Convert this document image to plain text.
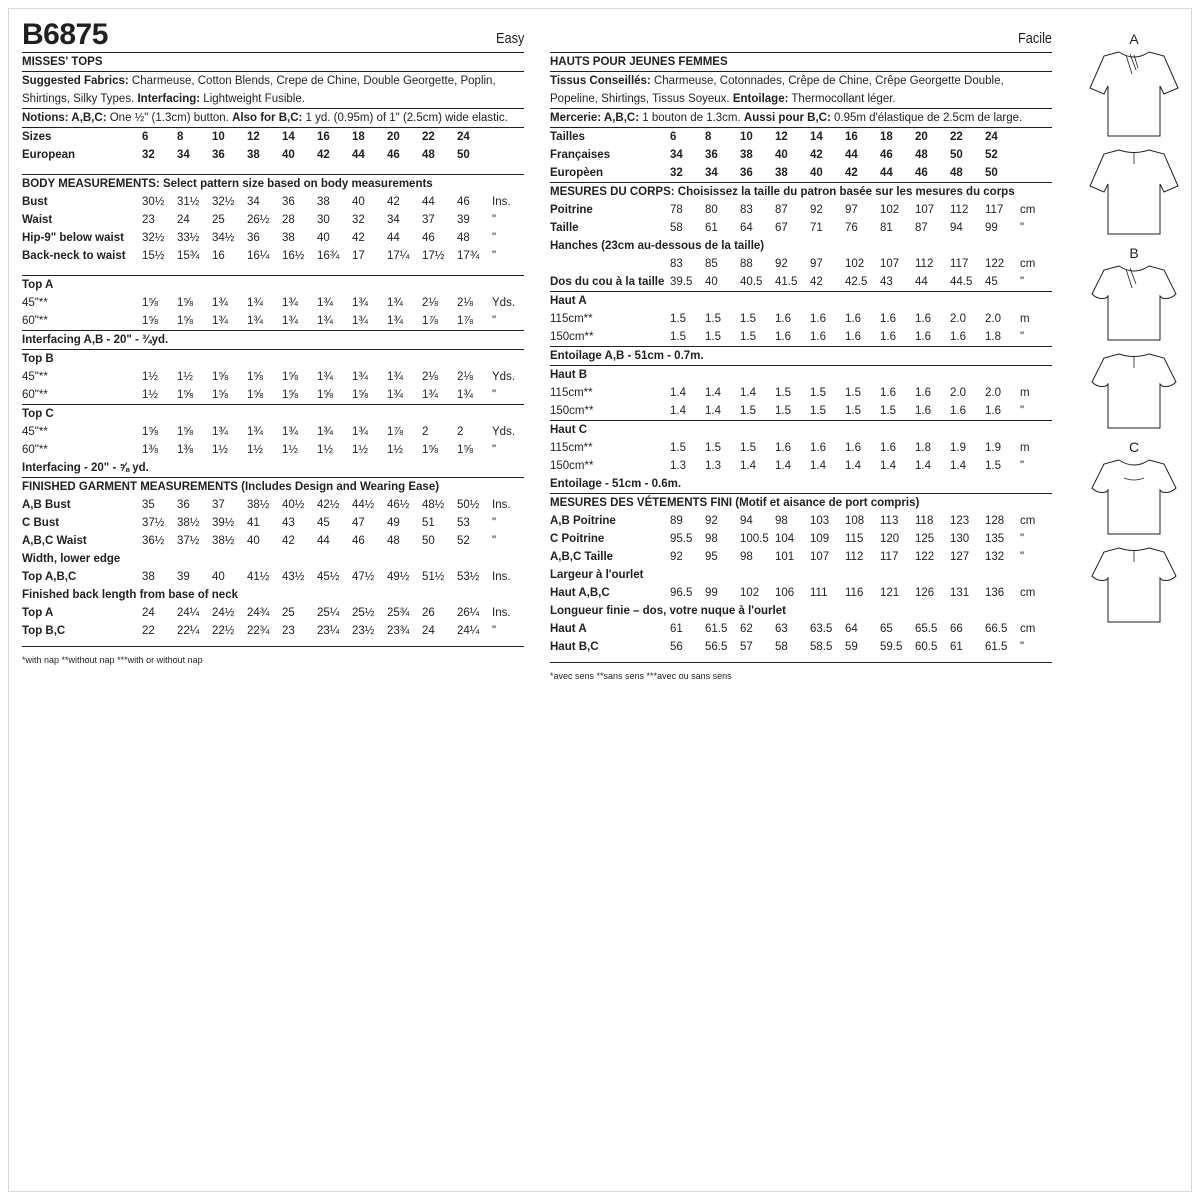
B6875	Easy
MISSES' TOPS
Suggested Fabrics: Charmeuse, Cotton Blends, Crepe de Chine, Double Georgette, Poplin, Shirtings, Silky Types. Interfacing: Lightweight Fusible.
Notions: A,B,C: One ½" (1.3cm) button. Also for B,C: 1 yd. (0.95m) of 1" (2.5cm) wide elastic.
Sizes	6	8	10	12	14	16	18	20	22	24
European	32	34	36	38	40	42	44	46	48	50
BODY MEASUREMENTS: Select pattern size based on body measurements
Bust	30½	31½	32½	34	36	38	40	42	44	46	Ins.
Waist	23	24	25	26½	28	30	32	34	37	39	"
Hip-9" below waist	32½	33½	34½	36	38	40	42	44	46	48	"
Back-neck to waist	15½	15¾	16	16¼	16½	16¾	17	17¼	17½	17¾	"
Top A
45"**	1⅝	1⅝	1¾	1¾	1¾	1¾	1¾	1¾	2⅛	2⅛	Yds.
60"**	1⅝	1⅝	1¾	1¾	1¾	1¾	1¾	1¾	1⅞	1⅞	"
Interfacing A,B - 20" - ¾yd.
Top B
45"**	1½	1½	1⅝	1⅝	1⅝	1¾	1¾	1¾	2⅛	2⅛	Yds.
60"**	1½	1⅝	1⅝	1⅝	1⅝	1⅝	1⅝	1¾	1¾	1¾	"
Top C
45"**	1⅝	1⅝	1¾	1¾	1¾	1¾	1¾	1⅞	2	2	Yds.
60"**	1⅜	1⅜	1½	1½	1½	1½	1½	1½	1⅝	1⅝	"
Interfacing - 20" - ⅝ yd.
FINISHED GARMENT MEASUREMENTS (Includes Design and Wearing Ease)
A,B Bust	35	36	37	38½	40½	42½	44½	46½	48½	50½	Ins.
C Bust	37½	38½	39½	41	43	45	47	49	51	53	"
A,B,C Waist	36½	37½	38½	40	42	44	46	48	50	52	"
Width, lower edge
Top A,B,C	38	39	40	41½	43½	45½	47½	49½	51½	53½	Ins.
Finished back length from base of neck
Top A	24	24¼	24½	24¾	25	25¼	25½	25¾	26	26¼	Ins.
Top B,C	22	22¼	22½	22¾	23	23¼	23½	23¾	24	24¼	"
*with nap **without nap ***with or without nap
Facile
HAUTS POUR JEUNES FEMMES
Tissus Conseillés: Charmeuse, Cotonnades, Crêpe de Chine, Crêpe Georgette Double, Popeline, Shirtings, Tissus Soyeux. Entoilage: Thermocollant léger.
Mercerie: A,B,C: 1 bouton de 1.3cm. Aussi pour B,C: 0.95m d'élastique de 2.5cm de large.
Tailles	6	8	10	12	14	16	18	20	22	24
Françaises	34	36	38	40	42	44	46	48	50	52
Europèen	32	34	36	38	40	42	44	46	48	50
MESURES DU CORPS: Choisissez la taille du patron basée sur les mesures du corps
Poitrine	78	80	83	87	92	97	102	107	112	117	cm
Taille	58	61	64	67	71	76	81	87	94	99	"
Hanches (23cm au-dessous de la taille)
83	85	88	92	97	102	107	112	117	122	cm
Dos du cou à la taille 39.5	40	40.5	41.5	42	42.5	43	44	44.5	45	"
Haut A
115cm**	1.5	1.5	1.5	1.6	1.6	1.6	1.6	1.6	2.0	2.0	m
150cm**	1.5	1.5	1.5	1.6	1.6	1.6	1.6	1.6	1.6	1.8	"
Entoilage A,B - 51cm - 0.7m.
Haut B
115cm**	1.4	1.4	1.4	1.5	1.5	1.5	1.6	1.6	2.0	2.0	m
150cm**	1.4	1.4	1.5	1.5	1.5	1.5	1.5	1.6	1.6	1.6	"
Haut C
115cm**	1.5	1.5	1.5	1.6	1.6	1.6	1.6	1.8	1.9	1.9	m
150cm**	1.3	1.3	1.4	1.4	1.4	1.4	1.4	1.4	1.4	1.5	"
Entoilage - 51cm - 0.6m.
MESURES DES VÉTEMENTS FINI (Motif et aisance de port compris)
A,B Poitrine	89	92	94	98	103	108	113	118	123	128	cm
C Poitrine	95.5	98	100.5 104	109	115	120	125	130	135	"
A,B,C Taille	92	95	98	101	107	112	117	122	127	132	"
Largeur à l'ourlet
Haut A,B,C	96.5	99	102	106	111	116	121	126	131	136	cm
Longueur finie – dos, votre nuque à l'ourlet
Haut A	61	61.5	62	63	63.5	64	65	65.5	66	66.5	cm
Haut B,C	56	56.5	57	58	58.5	59	59.5	60.5	61	61.5	"
*avec sens **sans sens ***avec ou sans sens
A
B
C
